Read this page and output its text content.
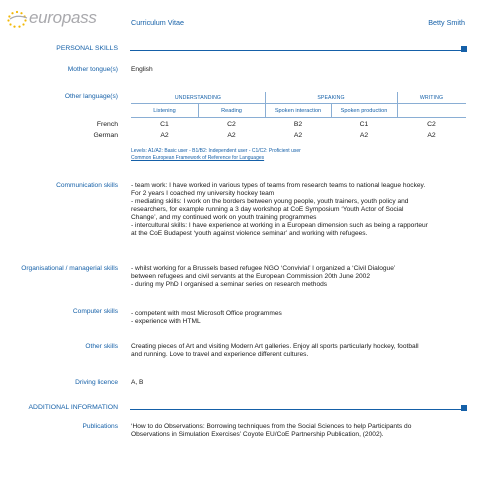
europass	Curriculum Vitae	Betty Smith
PERSONAL SKILLS
Mother tongue(s) English
Other language(s)	UNDERSTANDING	SPEAKING	WRITING
Listening	Reading	Spoken interaction	Spoken production
French	C1	C2	B2	C1	C2
German	A2	A2	A2	A2	A2
Levels: A1/A2: Basic user - B1/B2: Independent user - C1/C2: Proficient user
Common European Framework of Reference for Languages
Communication skills - team work: I have worked in various types of teams from research teams to national league hockey.

For 2 years I coached my university hockey team

- mediating skills: I work on the borders between young people, youth trainers, youth policy and

researchers, for example running a 3 day workshop at CoE Symposium ‘Youth Actor of Social

Change’, and my continued work on youth training programmes

- intercultural skills: I have experience at working in a European dimension such as being a rapporteur

at the CoE Budapest ‘youth against violence seminar’ and working with refugees.

Organisational / managerial skills - whilst working for a Brussels based refugee NGO ‘Convivial’ I organized a ‘Civil Dialogue’

between refugees and civil servants at the European Commission 20th June 2002

- during my PhD I organised a seminar series on research methods

Computer skills - competent with most Microsoft Office programmes

- experience with HTML

Other skills Creating pieces of Art and visiting Modern Art galleries. Enjoy all sports particularly hockey, football

and running. Love to travel and experience different cultures.

Driving licence A, B
ADDITIONAL INFORMATION
Publications ‘How to do Observations: Borrowing techniques from the Social Sciences to help Participants do

Observations in Simulation Exercises’ Coyote EU/CoE Partnership Publication, (2002).
